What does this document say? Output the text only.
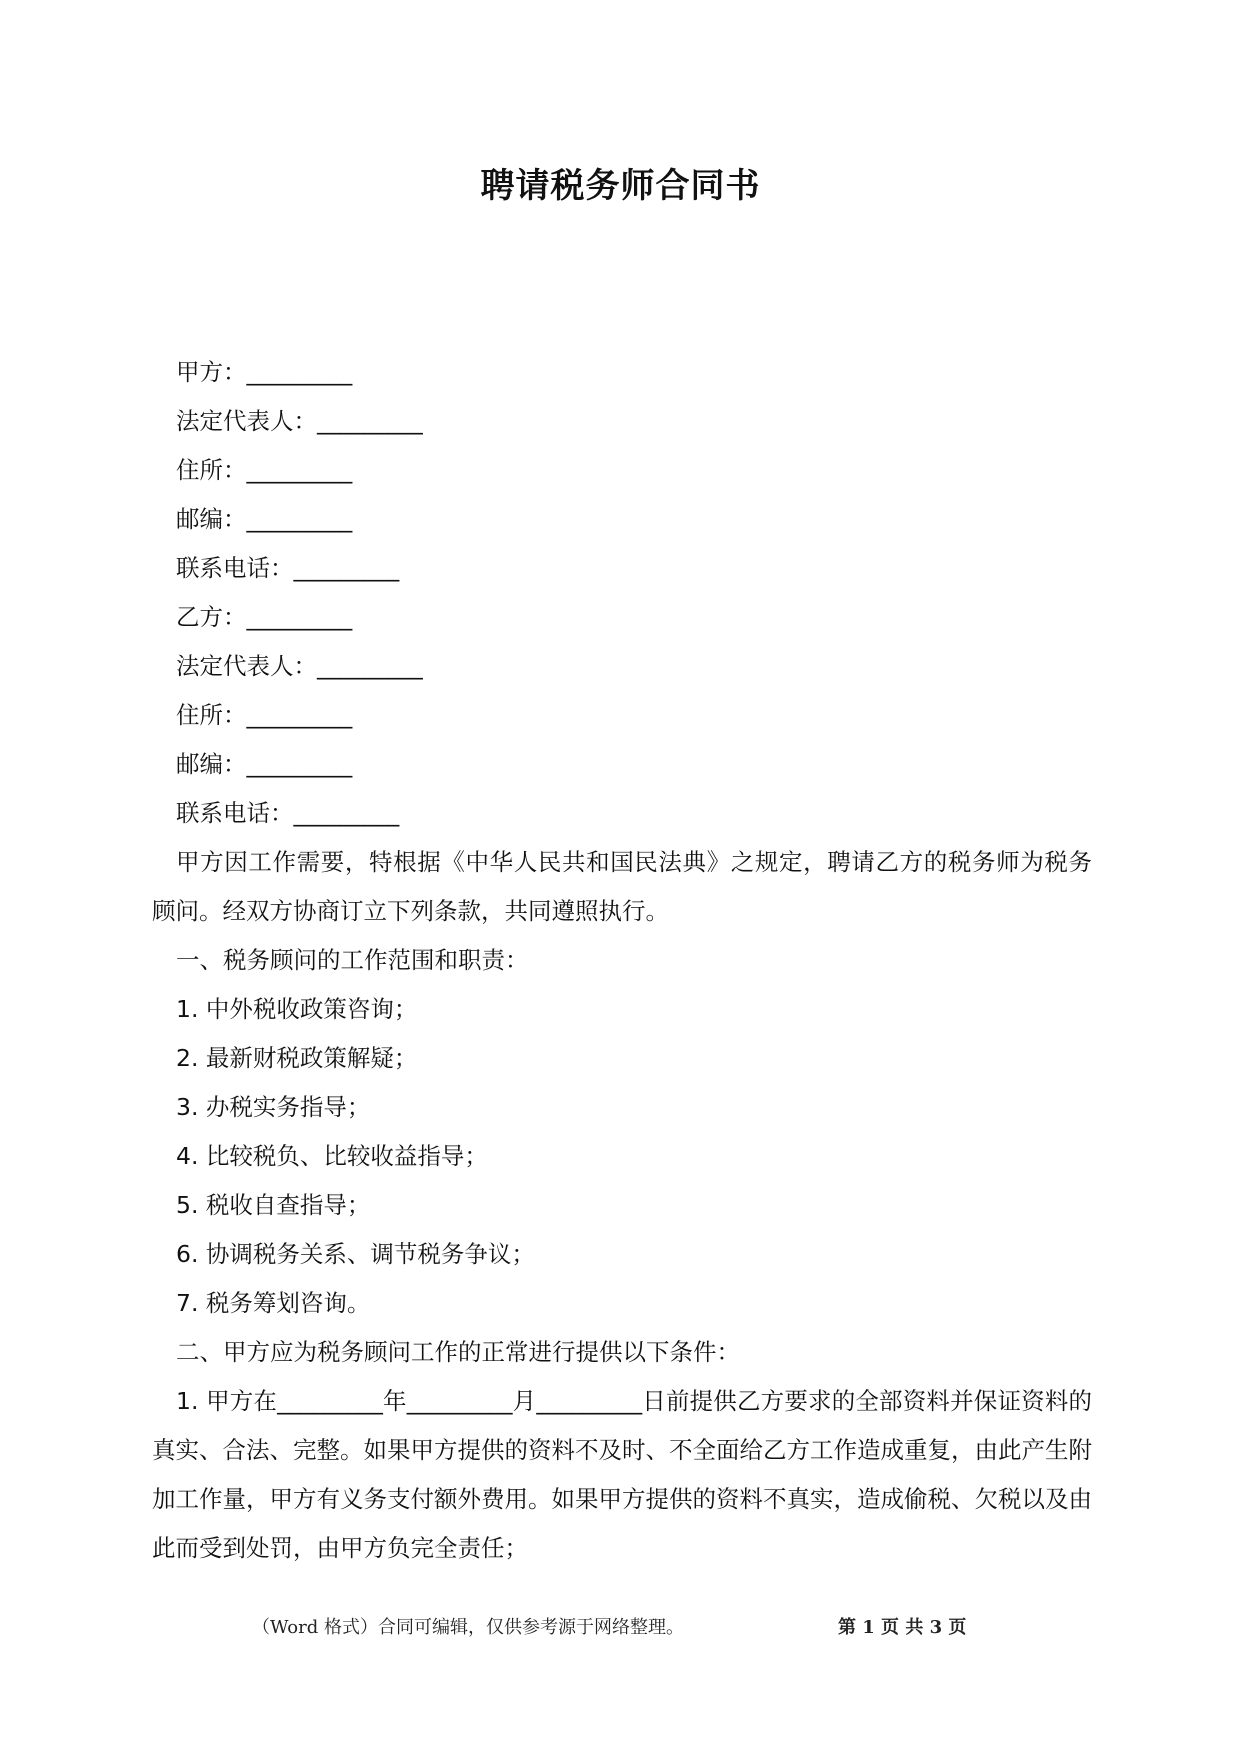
聘请税务师合同书
甲方：_________
法定代表人：_________
住所：_________
邮编：_________
联系电话：_________
乙方：_________
法定代表人：_________
住所：_________
邮编：_________
联系电话：_________
甲方因工作需要，特根据《中华人民共和国民法典》之规定，聘请乙方的税务师为税务顾问。经双方协商订立下列条款，共同遵照执行。
一、税务顾问的工作范围和职责：
1. 中外税收政策咨询；
2. 最新财税政策解疑；
3. 办税实务指导；
4. 比较税负、比较收益指导；
5. 税收自查指导；
6. 协调税务关系、调节税务争议；
7. 税务筹划咨询。
二、甲方应为税务顾问工作的正常进行提供以下条件：
1. 甲方在_________年_________月_________日前提供乙方要求的全部资料并保证资料的真实、合法、完整。如果甲方提供的资料不及时、不全面给乙方工作造成重复，由此产生附加工作量，甲方有义务支付额外费用。如果甲方提供的资料不真实，造成偷税、欠税以及由此而受到处罚，由甲方负完全责任；
（Word 格式）合同可编辑，仅供参考源于网络整理。	第 1 页 共 3 页
